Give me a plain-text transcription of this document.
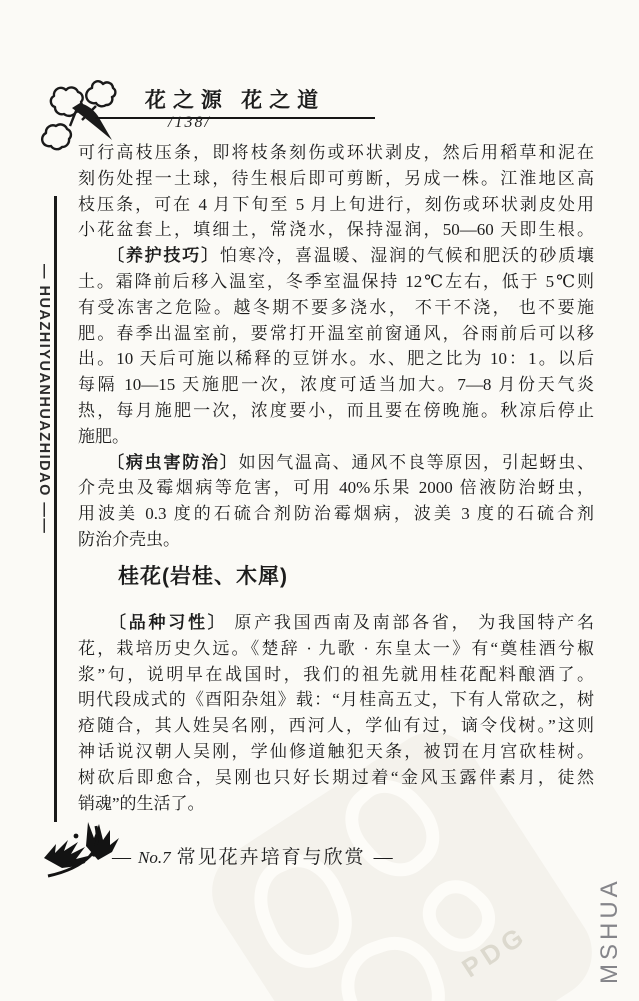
PDG
花之源 花之道
/138/
— HUAZHIYUANHUAZHIDAO ——
可行高枝压条，即将枝条刻伤或环状剥皮，然后用稻草和泥在
刻伤处捏一土球，待生根后即可剪断，另成一株。江淮地区高
枝压条，可在 4 月下旬至 5 月上旬进行，刻伤或环状剥皮处用
小花盆套上，填细土，常浇水，保持湿润，50—60 天即生根。
　　〔养护技巧〕怕寒冷，喜温暖、湿润的气候和肥沃的砂质壤
土。霜降前后移入温室，冬季室温保持 12℃左右，低于 5℃则
有受冻害之危险。越冬期不要多浇水， 不干不浇， 也不要施
肥。春季出温室前，要常打开温室前窗通风，谷雨前后可以移
出。10 天后可施以稀释的豆饼水。水、肥之比为 10：1。以后
每隔 10—15 天施肥一次，浓度可适当加大。7—8 月份天气炎
热，每月施肥一次，浓度要小，而且要在傍晚施。秋凉后停止
施肥。
　　〔病虫害防治〕如因气温高、通风不良等原因，引起蚜虫、
介壳虫及霉烟病等危害，可用 40%乐果 2000 倍液防治蚜虫，
用波美 0.3 度的石硫合剂防治霉烟病，波美 3 度的石硫合剂
防治介壳虫。
桂花(岩桂、木犀)
　　〔品种习性〕 原产我国西南及南部各省， 为我国特产名
花，栽培历史久远。《楚辞 · 九歌 · 东皇太一》有“奠桂酒兮椒
浆”句，说明早在战国时，我们的祖先就用桂花配料酿酒了。
明代段成式的《酉阳杂俎》载：“月桂高五丈，下有人常砍之，树
疮随合，其人姓吴名刚，西河人，学仙有过，谪令伐树。”这则
神话说汉朝人吴刚，学仙修道触犯天条，被罚在月宫砍桂树。
树砍后即愈合，吴刚也只好长期过着“金风玉露伴素月，徒然
销魂”的生活了。
— No.7 常见花卉培育与欣赏 —
MSHUA
